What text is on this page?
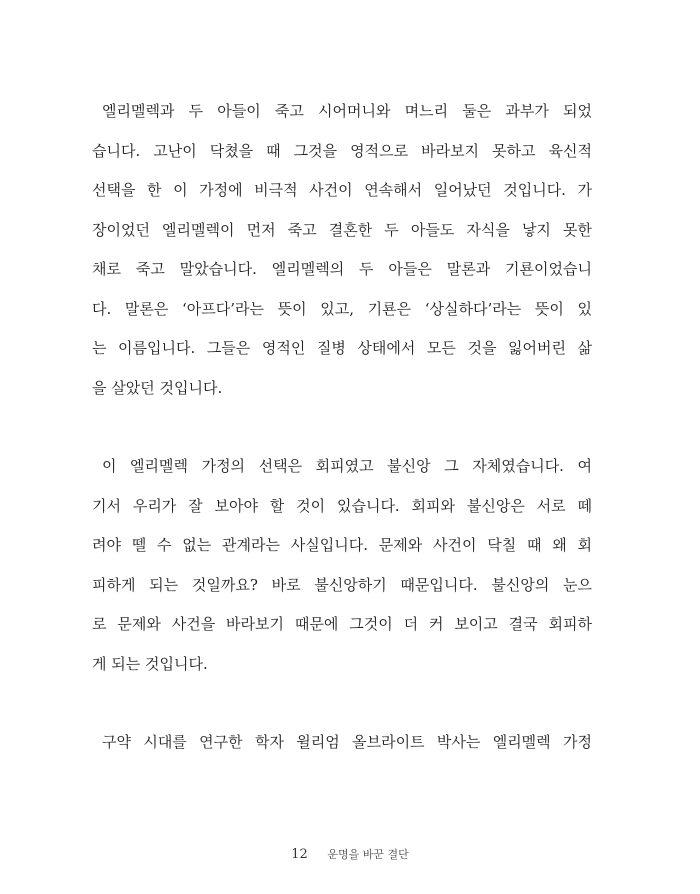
엘리멜렉과 두 아들이 죽고 시어머니와 며느리 둘은 과부가 되었
습니다. 고난이 닥쳤을 때 그것을 영적으로 바라보지 못하고 육신적
선택을 한 이 가정에 비극적 사건이 연속해서 일어났던 것입니다. 가
장이었던 엘리멜렉이 먼저 죽고 결혼한 두 아들도 자식을 낳지 못한
채로 죽고 말았습니다. 엘리멜렉의 두 아들은 말론과 기룐이었습니
다. 말론은 ‘아프다’라는 뜻이 있고, 기룐은 ‘상실하다’라는 뜻이 있
는 이름입니다. 그들은 영적인 질병 상태에서 모든 것을 잃어버린 삶
을 살았던 것입니다.

이 엘리멜렉 가정의 선택은 회피였고 불신앙 그 자체였습니다. 여
기서 우리가 잘 보아야 할 것이 있습니다. 회피와 불신앙은 서로 떼
려야 뗄 수 없는 관계라는 사실입니다. 문제와 사건이 닥칠 때 왜 회
피하게 되는 것일까요? 바로 불신앙하기 때문입니다. 불신앙의 눈으
로 문제와 사건을 바라보기 때문에 그것이 더 커 보이고 결국 회피하
게 되는 것입니다.

구약 시대를 연구한 학자 윌리엄 올브라이트 박사는 엘리멜렉 가정

12 운명을 바꾼 결단
